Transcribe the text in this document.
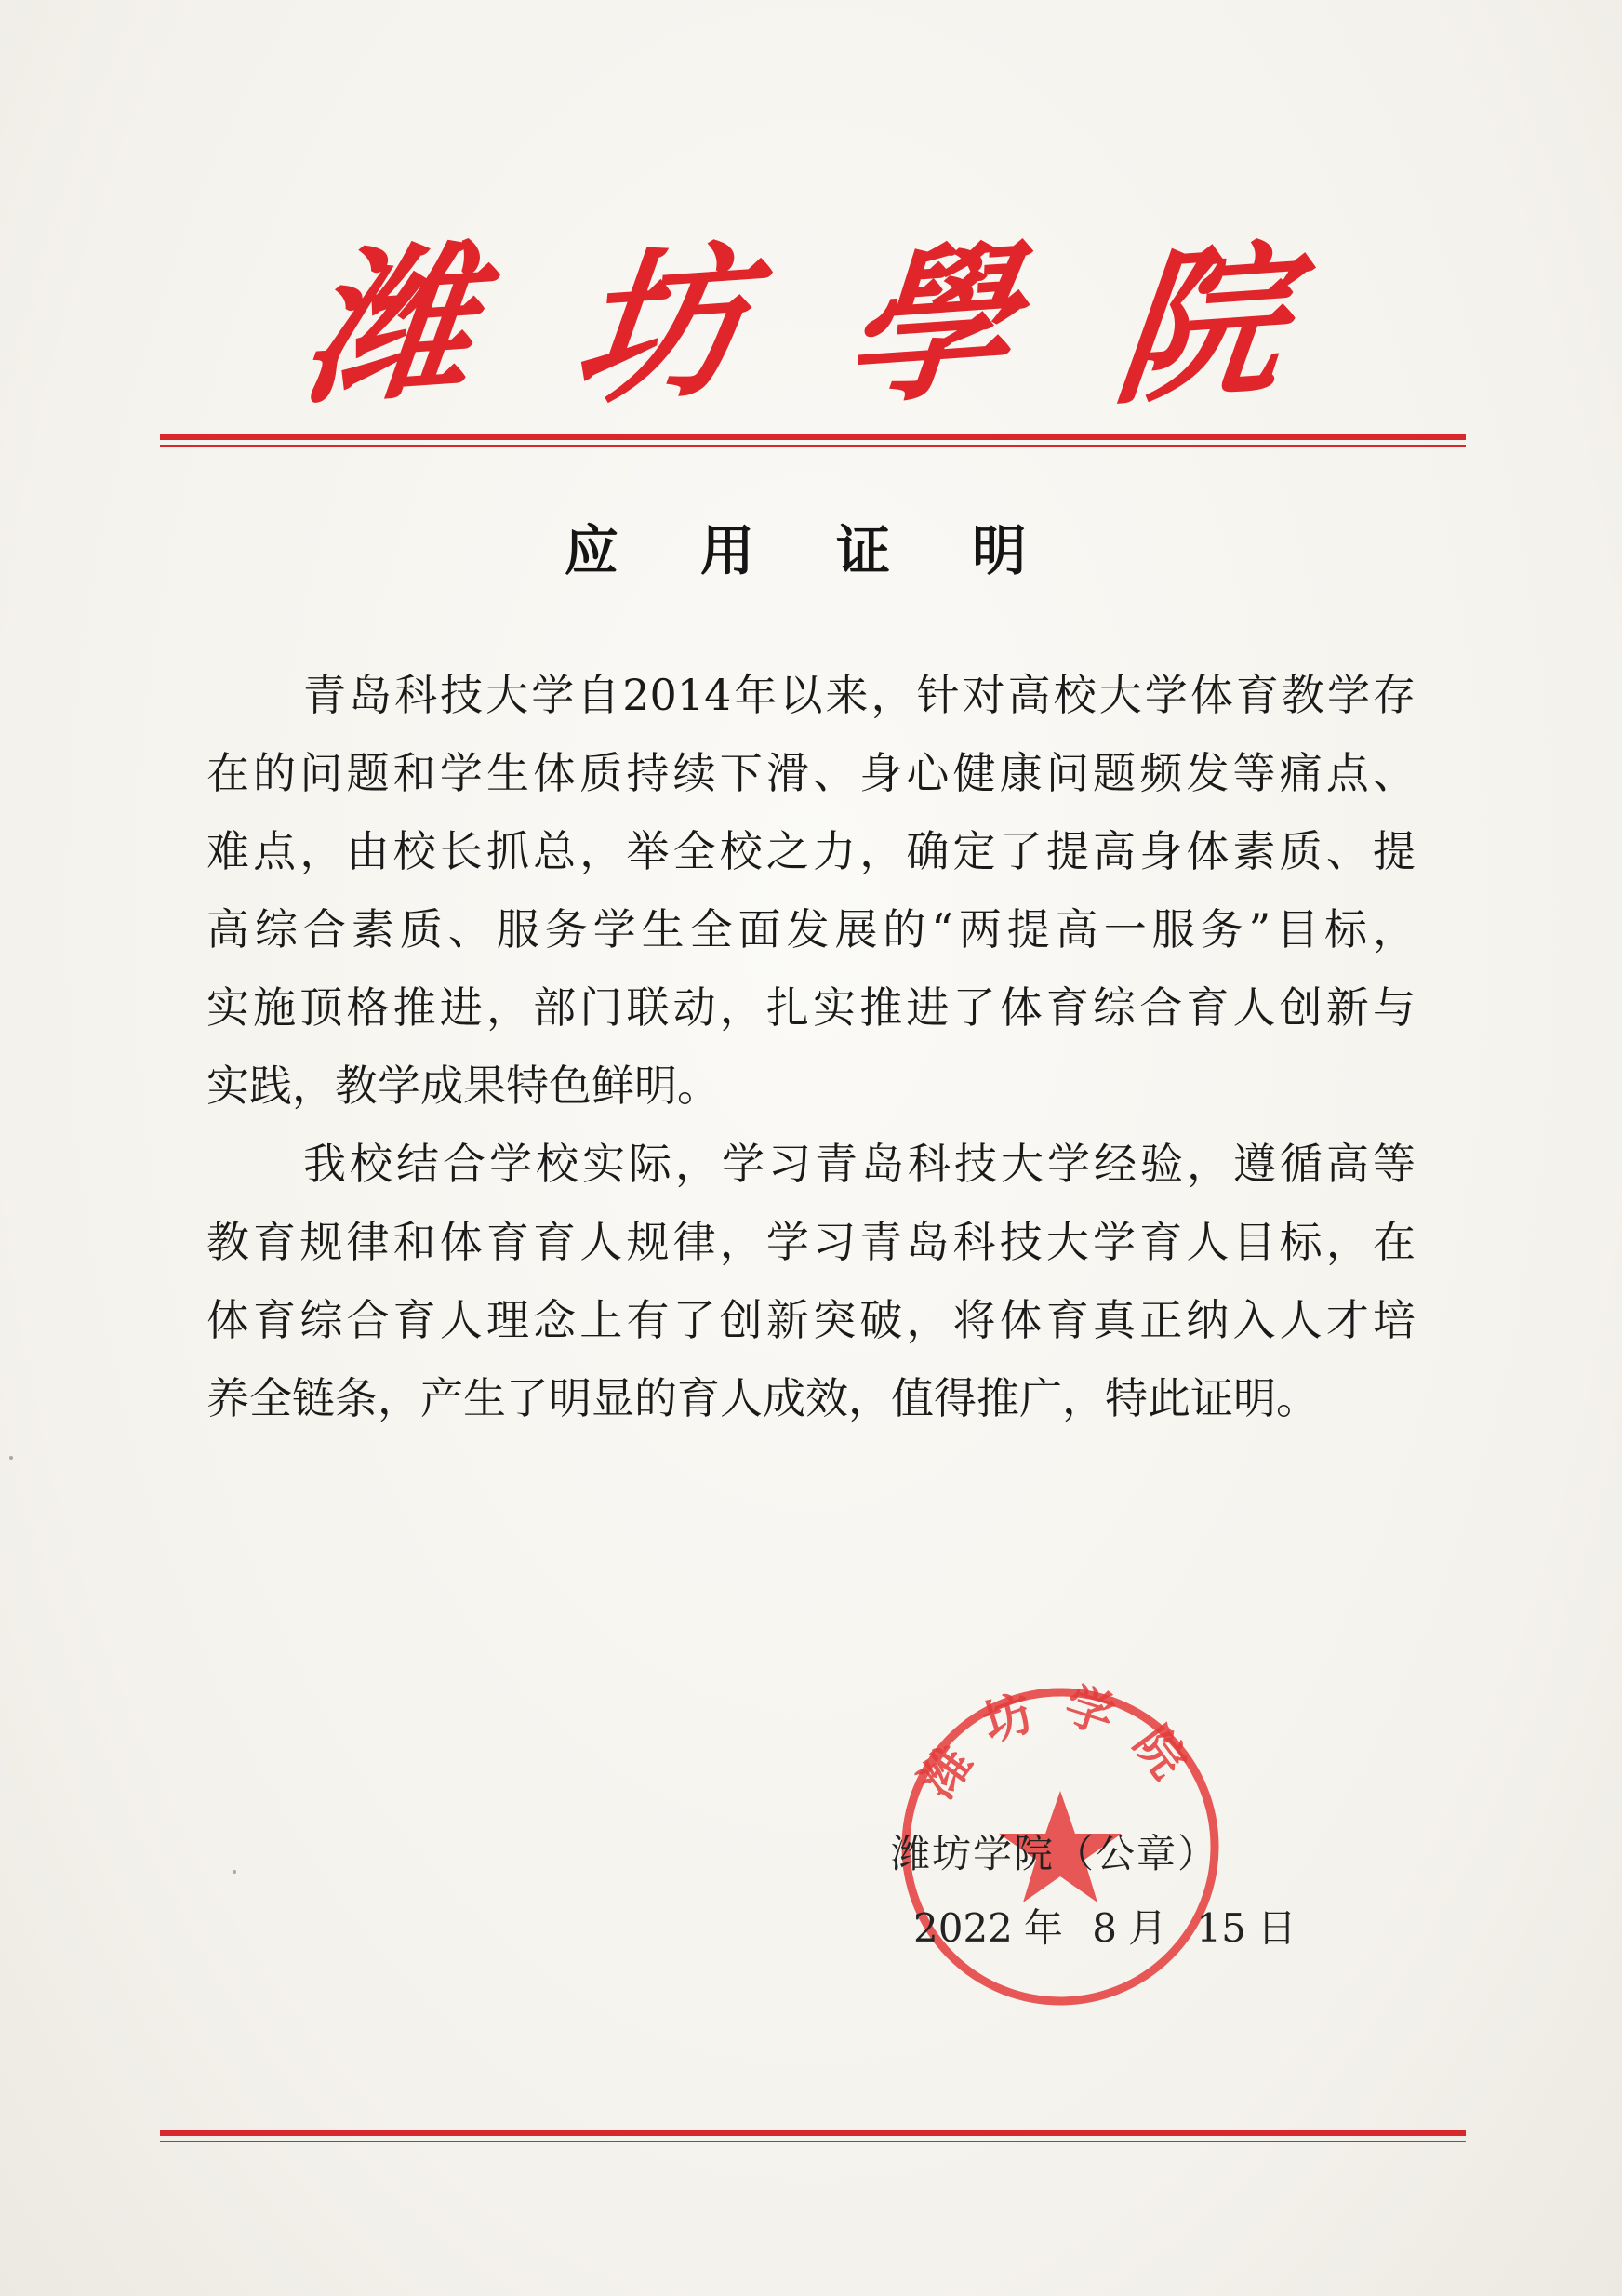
潍 坊 學 院
应 用 证 明
青岛科技大学自2014年以来，针对高校大学体育教学存
在的问题和学生体质持续下滑、身心健康问题频发等痛点、
难点，由校长抓总，举全校之力，确定了提高身体素质、提
高综合素质、服务学生全面发展的“两提高一服务”目标，
实施顶格推进，部门联动，扎实推进了体育综合育人创新与
实践，教学成果特色鲜明。
我校结合学校实际，学习青岛科技大学经验，遵循高等
教育规律和体育育人规律，学习青岛科技大学育人目标，在
体育综合育人理念上有了创新突破，将体育真正纳入人才培
养全链条，产生了明显的育人成效，值得推广，特此证明。
潍坊学院
潍坊学院（公章）
2022 年 8 月 15 日
